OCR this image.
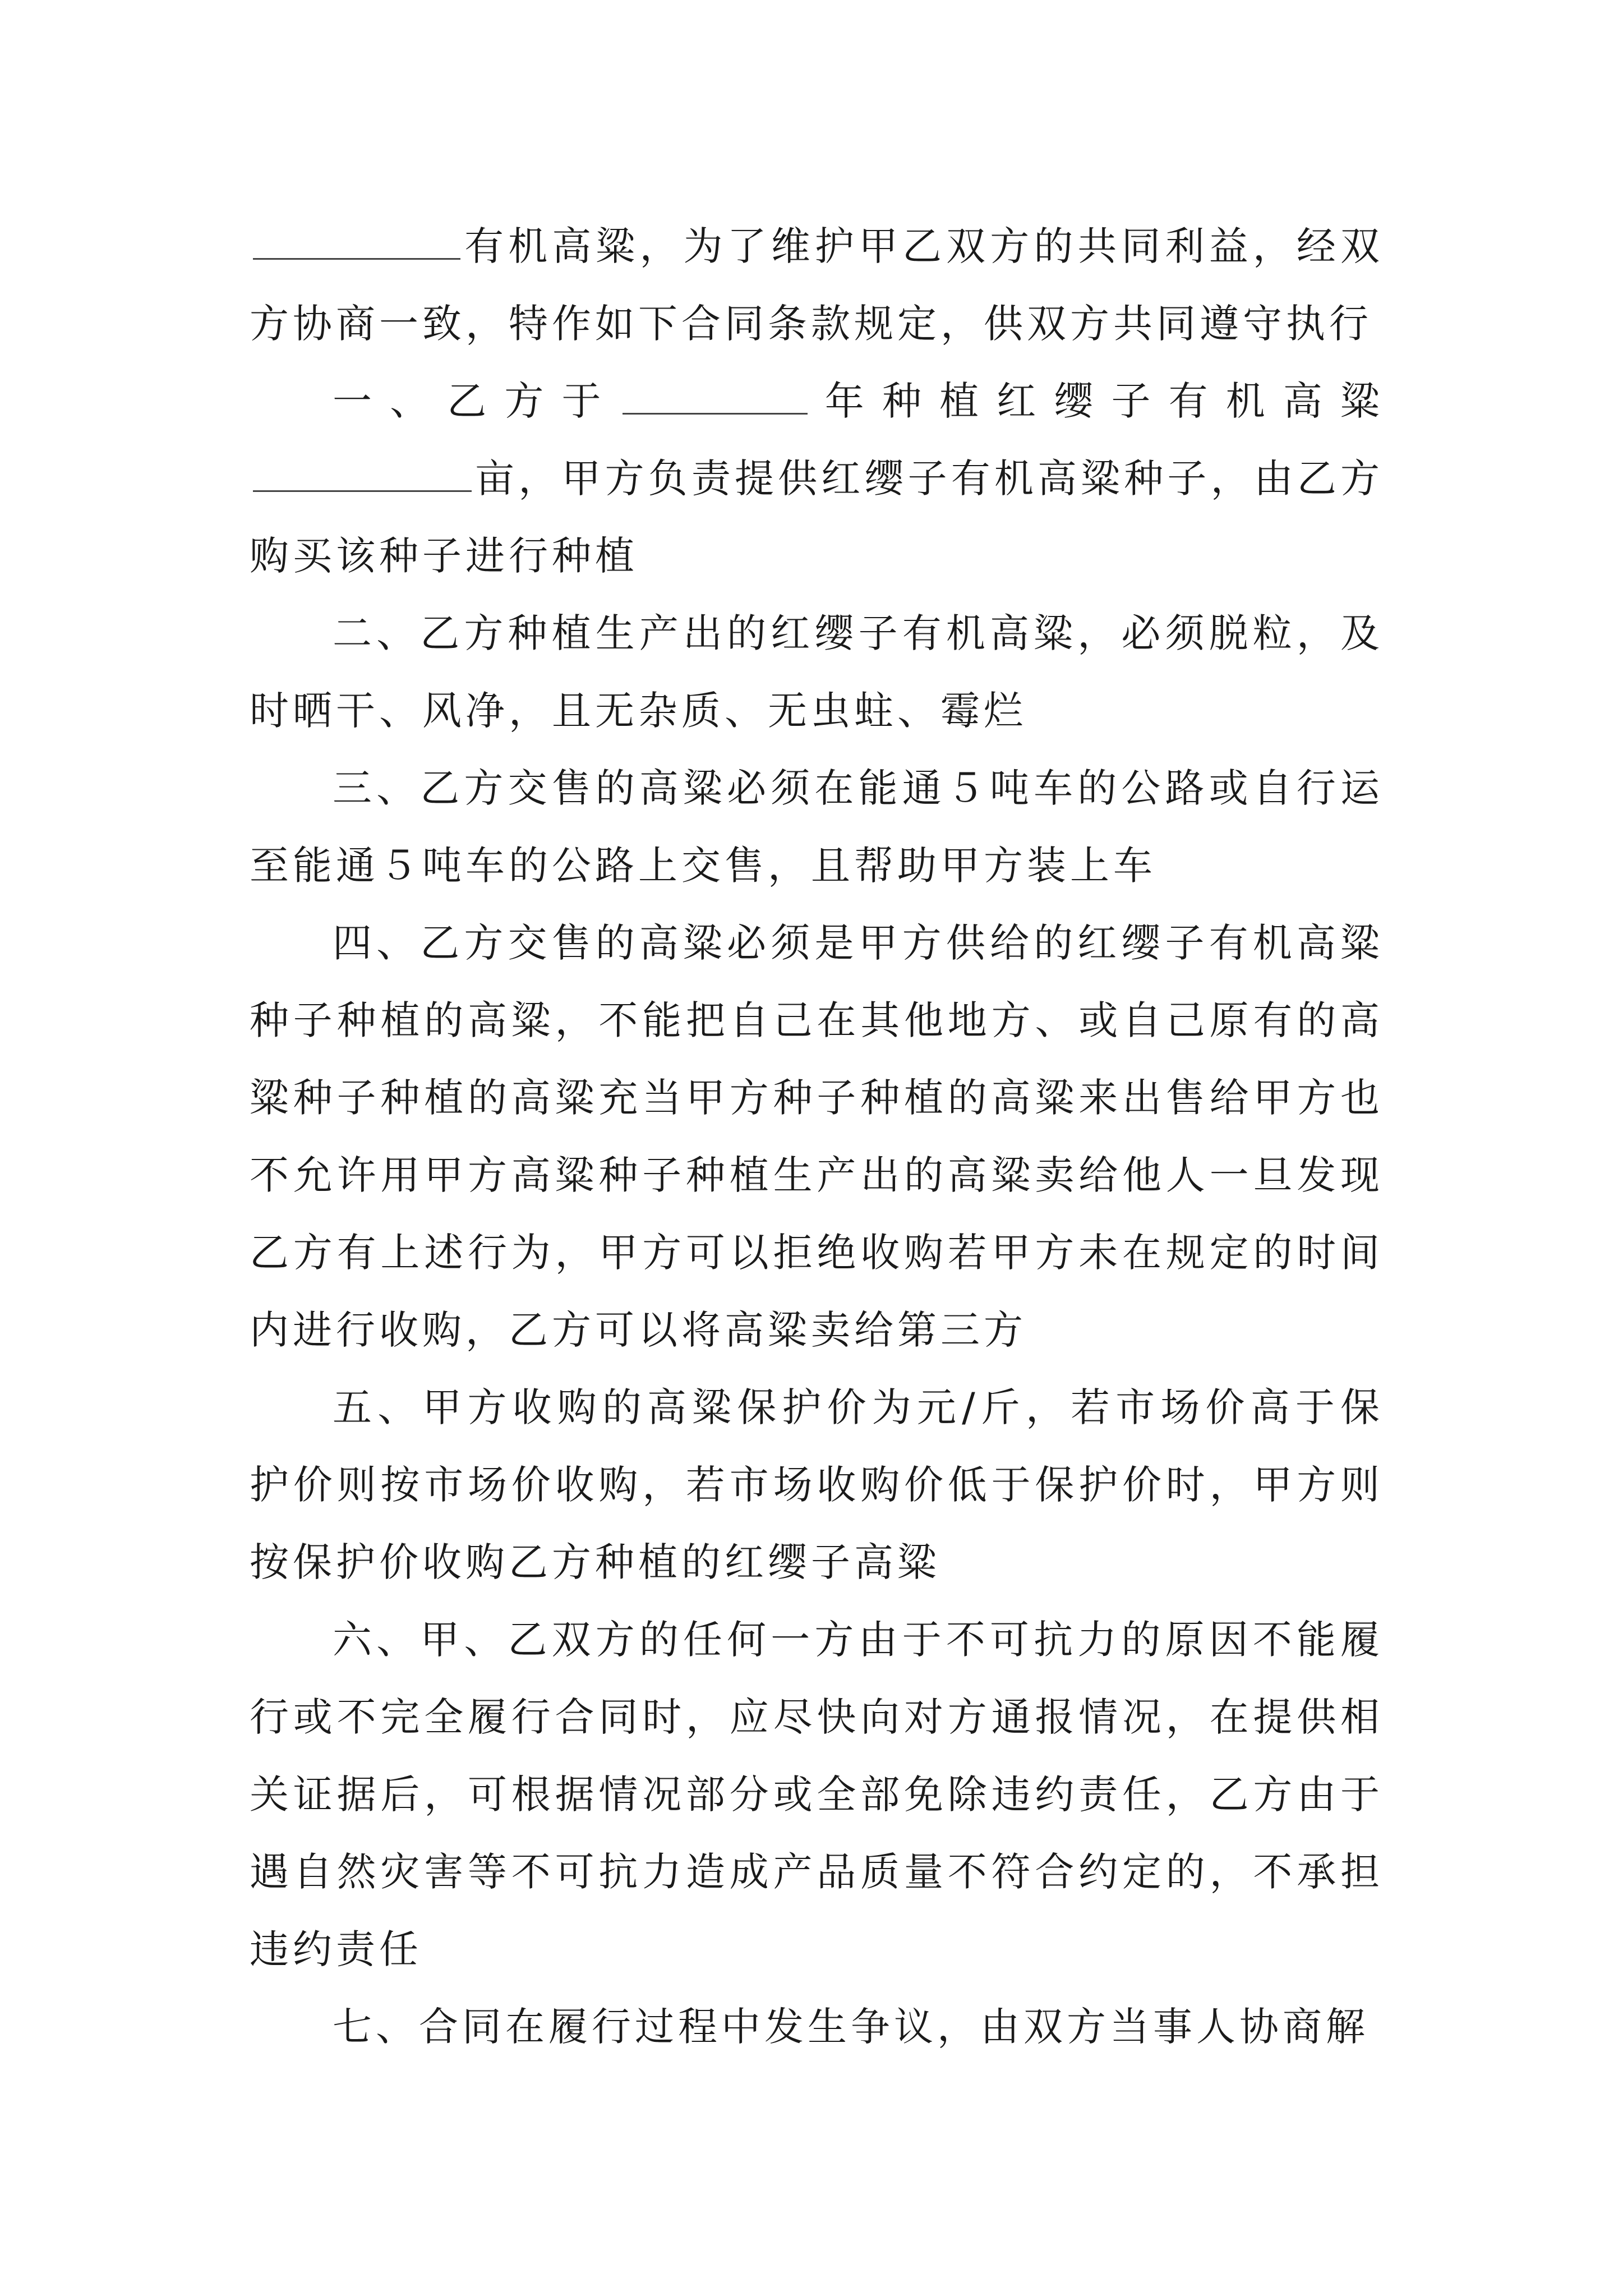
有机高粱，为了维护甲乙双方的共同利益，经双方协商一致，特作如下合同条款规定，供双方共同遵守执行

一、乙方于	年种植红缨子有机高粱亩，甲方负责提供红缨子有机高粱种子，由乙方购买该种子进行种植

二、乙方种植生产出的红缨子有机高粱，必须脱粒，及时晒干、风净，且无杂质、无虫蛀、霉烂

三、乙方交售的高粱必须在能通５吨车的公路或自行运至能通５吨车的公路上交售，且帮助甲方装上车

四、乙方交售的高粱必须是甲方供给的红缨子有机高粱种子种植的高粱，不能把自己在其他地方、或自己原有的高粱种子种植的高粱充当甲方种子种植的高粱来出售给甲方也不允许用甲方高粱种子种植生产出的高粱卖给他人一旦发现乙方有上述行为，甲方可以拒绝收购若甲方未在规定的时间内进行收购，乙方可以将高粱卖给第三方

五、甲方收购的高粱保护价为元/斤，若市场价高于保护价则按市场价收购，若市场收购价低于保护价时，甲方则按保护价收购乙方种植的红缨子高粱

六、甲、乙双方的任何一方由于不可抗力的原因不能履行或不完全履行合同时，应尽快向对方通报情况，在提供相关证据后，可根据情况部分或全部免除违约责任，乙方由于遇自然灾害等不可抗力造成产品质量不符合约定的，不承担违约责任

七、合同在履行过程中发生争议，由双方当事人协商解
